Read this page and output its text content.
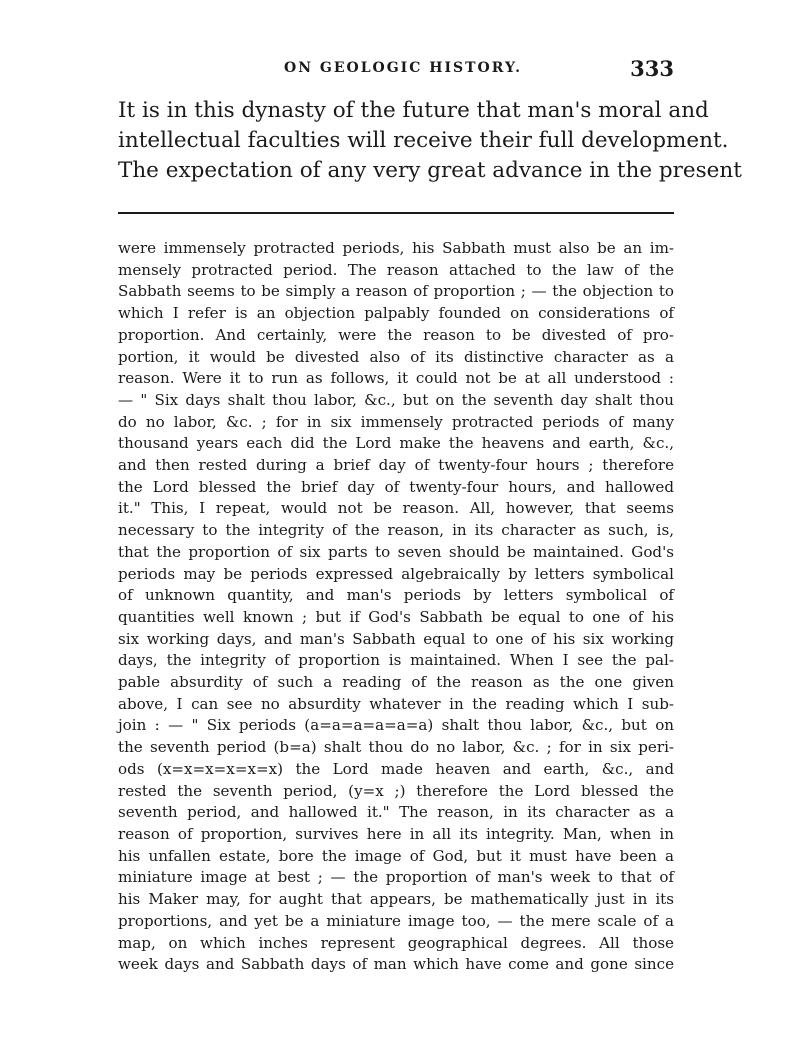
ON GEOLOGIC HISTORY.	333
It is in this dynasty of the future that man's moral and
intellectual faculties will receive their full development.
The expectation of any very great advance in the present
were immensely protracted periods, his Sabbath must also be an im-
mensely protracted period. The reason attached to the law of the
Sabbath seems to be simply a reason of proportion ; — the objection to
which I refer is an objection palpably founded on considerations of
proportion. And certainly, were the reason to be divested of pro-
portion, it would be divested also of its distinctive character as a
reason. Were it to run as follows, it could not be at all understood :
— " Six days shalt thou labor, &c., but on the seventh day shalt thou
do no labor, &c. ; for in six immensely protracted periods of many
thousand years each did the Lord make the heavens and earth, &c.,
and then rested during a brief day of twenty-four hours ; therefore
the Lord blessed the brief day of twenty-four hours, and hallowed
it." This, I repeat, would not be reason. All, however, that seems
necessary to the integrity of the reason, in its character as such, is,
that the proportion of six parts to seven should be maintained. God's
periods may be periods expressed algebraically by letters symbolical
of unknown quantity, and man's periods by letters symbolical of
quantities well known ; but if God's Sabbath be equal to one of his
six working days, and man's Sabbath equal to one of his six working
days, the integrity of proportion is maintained. When I see the pal-
pable absurdity of such a reading of the reason as the one given
above, I can see no absurdity whatever in the reading which I sub-
join : — " Six periods (a=a=a=a=a=a) shalt thou labor, &c., but on
the seventh period (b=a) shalt thou do no labor, &c. ; for in six peri-
ods (x=x=x=x=x=x) the Lord made heaven and earth, &c., and
rested the seventh period, (y=x ;) therefore the Lord blessed the
seventh period, and hallowed it." The reason, in its character as a
reason of proportion, survives here in all its integrity. Man, when in
his unfallen estate, bore the image of God, but it must have been a
miniature image at best ; — the proportion of man's week to that of
his Maker may, for aught that appears, be mathematically just in its
proportions, and yet be a miniature image too, — the mere scale of a
map, on which inches represent geographical degrees. All those
week days and Sabbath days of man which have come and gone since
